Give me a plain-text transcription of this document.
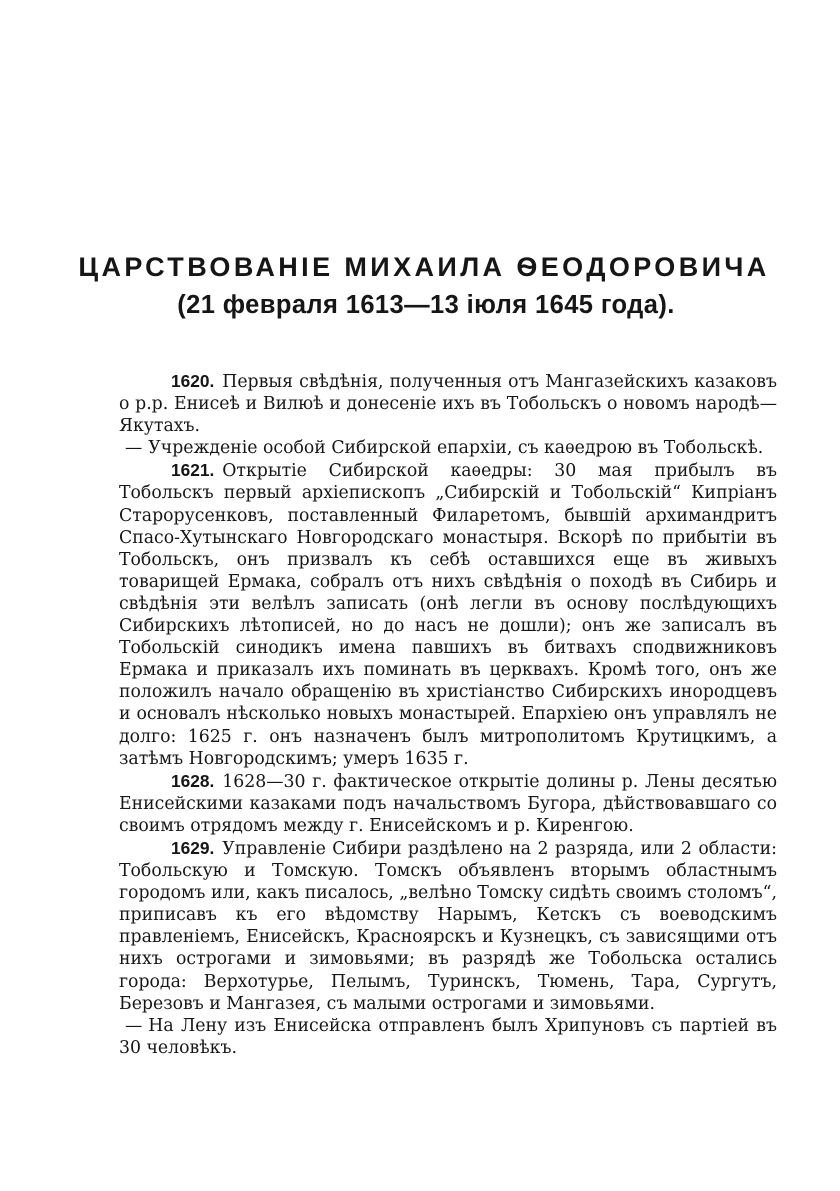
ЦАРСТВОВАНІЕ МИХАИЛА ѲЕОДОРОВИЧА
(21 февраля 1613—13 іюля 1645 года).

1620. Первыя свѣдѣнія, полученныя отъ Мангазейскихъ казаковъ о р.р. Енисеѣ и Вилюѣ и донесеніе ихъ въ Тобольскъ о новомъ народѣ—Якутахъ.

— Учрежденіе особой Сибирской епархіи, съ каѳедрою въ Тобольскѣ.

1621. Открытіе Сибирской каѳедры: 30 мая прибылъ въ Тобольскъ первый архіепископъ „Сибирскій и Тобольскій“ Кипріанъ Старорусенковъ, поставленный Филаретомъ, бывшій архимандритъ Спасо-Хутынскаго Новгородскаго монастыря. Вскорѣ по прибытіи въ Тобольскъ, онъ призвалъ къ себѣ оставшихся еще въ живыхъ товарищей Ермака, собралъ отъ нихъ свѣдѣнія о походѣ въ Сибирь и свѣдѣнія эти велѣлъ записать (онѣ легли въ основу послѣдующихъ Сибирскихъ лѣтописей, но до насъ не дошли); онъ же записалъ въ Тобольскій синодикъ имена павшихъ въ битвахъ сподвижниковъ Ермака и приказалъ ихъ поминать въ церквахъ. Кромѣ того, онъ же положилъ начало обращенію въ христіанство Сибирскихъ инородцевъ и основалъ нѣсколько новыхъ монастырей. Епархіею онъ управлялъ не долго: 1625 г. онъ назначенъ былъ митрополитомъ Крутицкимъ, а затѣмъ Новгородскимъ; умеръ 1635 г.

1628. 1628—30 г. фактическое открытіе долины р. Лены десятью Енисейскими казаками подъ начальствомъ Бугора, дѣйствовавшаго со своимъ отрядомъ между г. Енисейскомъ и р. Киренгою.

1629. Управленіе Сибири раздѣлено на 2 разряда, или 2 области: Тобольскую и Томскую. Томскъ объявленъ вторымъ областнымъ городомъ или, какъ писалось, „велѣно Томску сидѣть своимъ столомъ“, приписавъ къ его вѣдомству Нарымъ, Кетскъ съ воеводскимъ правленіемъ, Енисейскъ, Красноярскъ и Кузнецкъ, съ зависящими отъ нихъ острогами и зимовьями; въ разрядѣ же Тобольска остались города: Верхотурье, Пелымъ, Туринскъ, Тюмень, Тара, Сургутъ, Березовъ и Мангазея, съ малыми острогами и зимовьями.

— На Лену изъ Енисейска отправленъ былъ Хрипуновъ съ партіей въ 30 человѣкъ.
